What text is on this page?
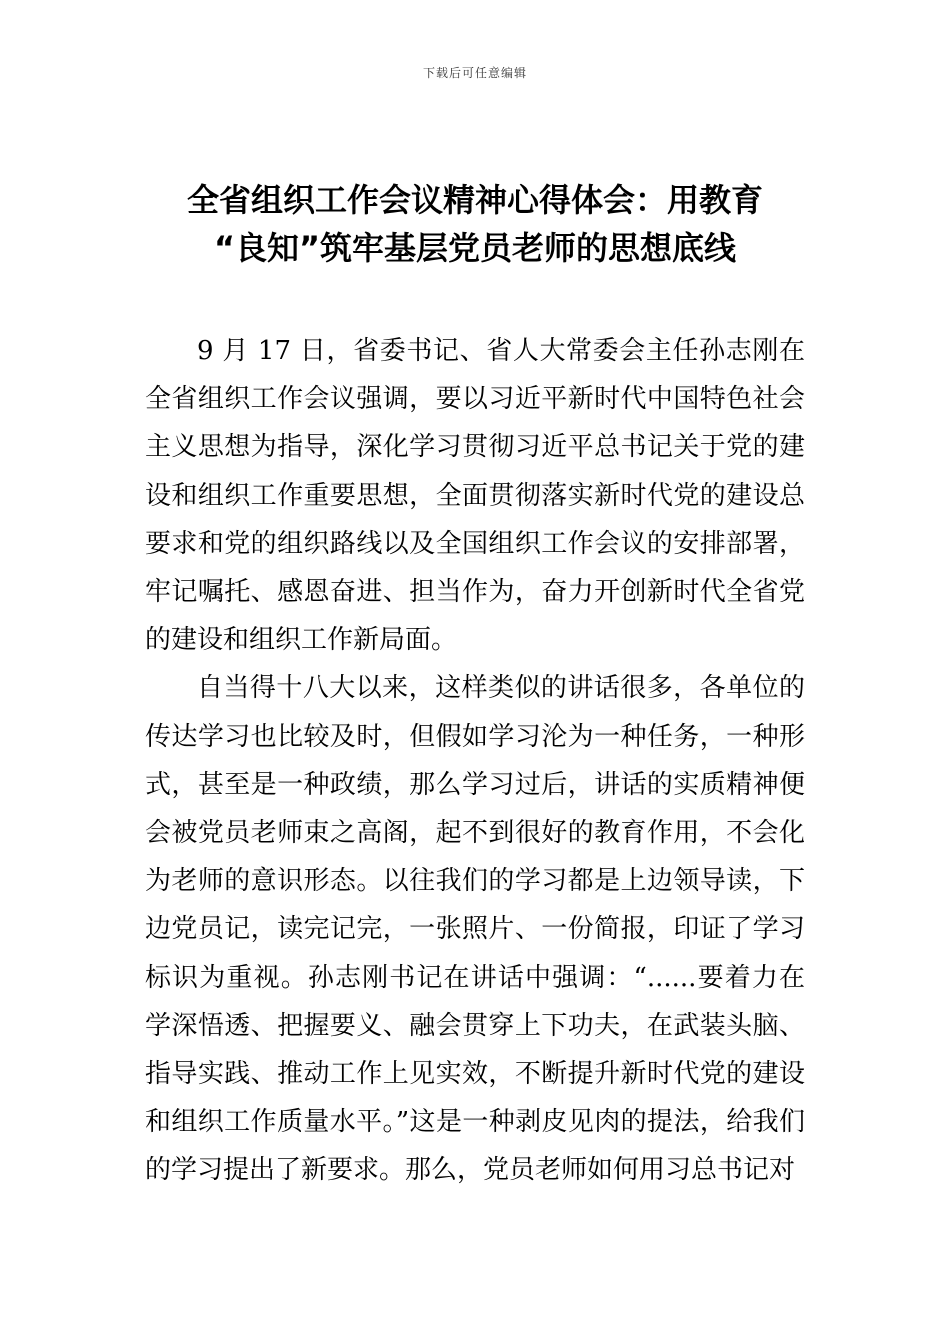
下载后可任意编辑
全省组织工作会议精神心得体会：用教育
“良知”筑牢基层党员老师的思想底线

9 月 17 日，省委书记、省人大常委会主任孙志刚在全省组织工作会议强调，要以习近平新时代中国特色社会主义思想为指导，深化学习贯彻习近平总书记关于党的建设和组织工作重要思想，全面贯彻落实新时代党的建设总要求和党的组织路线以及全国组织工作会议的安排部署，牢记嘱托、感恩奋进、担当作为，奋力开创新时代全省党的建设和组织工作新局面。

自当得十八大以来，这样类似的讲话很多，各单位的传达学习也比较及时，但假如学习沦为一种任务，一种形式，甚至是一种政绩，那么学习过后，讲话的实质精神便会被党员老师束之高阁，起不到很好的教育作用，不会化为老师的意识形态。以往我们的学习都是上边领导读，下边党员记，读完记完，一张照片、一份简报，印证了学习标识为重视。孙志刚书记在讲话中强调：“......要着力在学深悟透、把握要义、融会贯穿上下功夫，在武装头脑、指导实践、推动工作上见实效，不断提升新时代党的建设和组织工作质量水平。”这是一种剥皮见肉的提法，给我们的学习提出了新要求。那么，党员老师如何用习总书记对
